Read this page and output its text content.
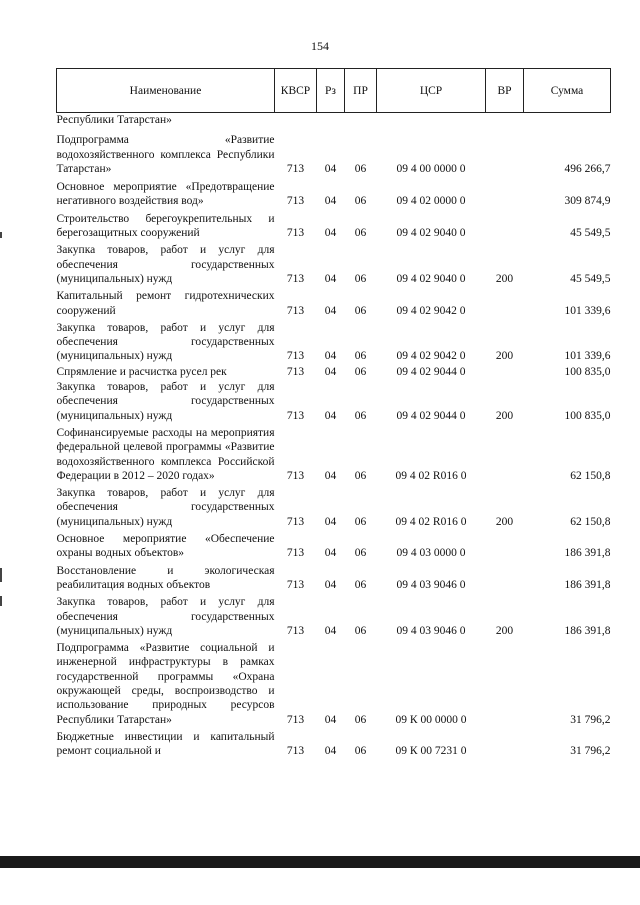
154
Наименование	КВСР	Рз	ПР	ЦСР	ВР	Сумма
Республики Татарстан»						
Подпрограмма «Развитие водохозяйственного комплекса Республики Татарстан»	713	04	06	09 4 00 0000 0		496 266,7
Основное мероприятие «Предотвращение негативного воздействия вод»	713	04	06	09 4 02 0000 0		309 874,9
Строительство берегоукрепительных и берегозащитных сооружений	713	04	06	09 4 02 9040 0		45 549,5
Закупка товаров, работ и услуг для обеспечения государственных (муниципальных) нужд	713	04	06	09 4 02 9040 0	200	45 549,5
Капитальный ремонт гидротехнических сооружений	713	04	06	09 4 02 9042 0		101 339,6
Закупка товаров, работ и услуг для обеспечения государственных (муниципальных) нужд	713	04	06	09 4 02 9042 0	200	101 339,6
Спрямление и расчистка русел рек	713	04	06	09 4 02 9044 0		100 835,0
Закупка товаров, работ и услуг для обеспечения государственных (муниципальных) нужд	713	04	06	09 4 02 9044 0	200	100 835,0
Софинансируемые расходы на мероприятия федеральной целевой программы «Развитие водохозяйственного комплекса Российской Федерации в 2012 – 2020 годах»	713	04	06	09 4 02 R016 0		62 150,8
Закупка товаров, работ и услуг для обеспечения государственных (муниципальных) нужд	713	04	06	09 4 02 R016 0	200	62 150,8
Основное мероприятие «Обеспечение охраны водных объектов»	713	04	06	09 4 03 0000 0		186 391,8
Восстановление и экологическая реабилитация водных объектов	713	04	06	09 4 03 9046 0		186 391,8
Закупка товаров, работ и услуг для обеспечения государственных (муниципальных) нужд	713	04	06	09 4 03 9046 0	200	186 391,8
Подпрограмма «Развитие социальной и инженерной инфраструктуры в рамках государственной программы «Охрана окружающей среды, воспроизводство и использование природных ресурсов Республики Татарстан»	713	04	06	09 К 00 0000 0		31 796,2
Бюджетные инвестиции и капитальный ремонт социальной и	713	04	06	09 К 00 7231 0		31 796,2
